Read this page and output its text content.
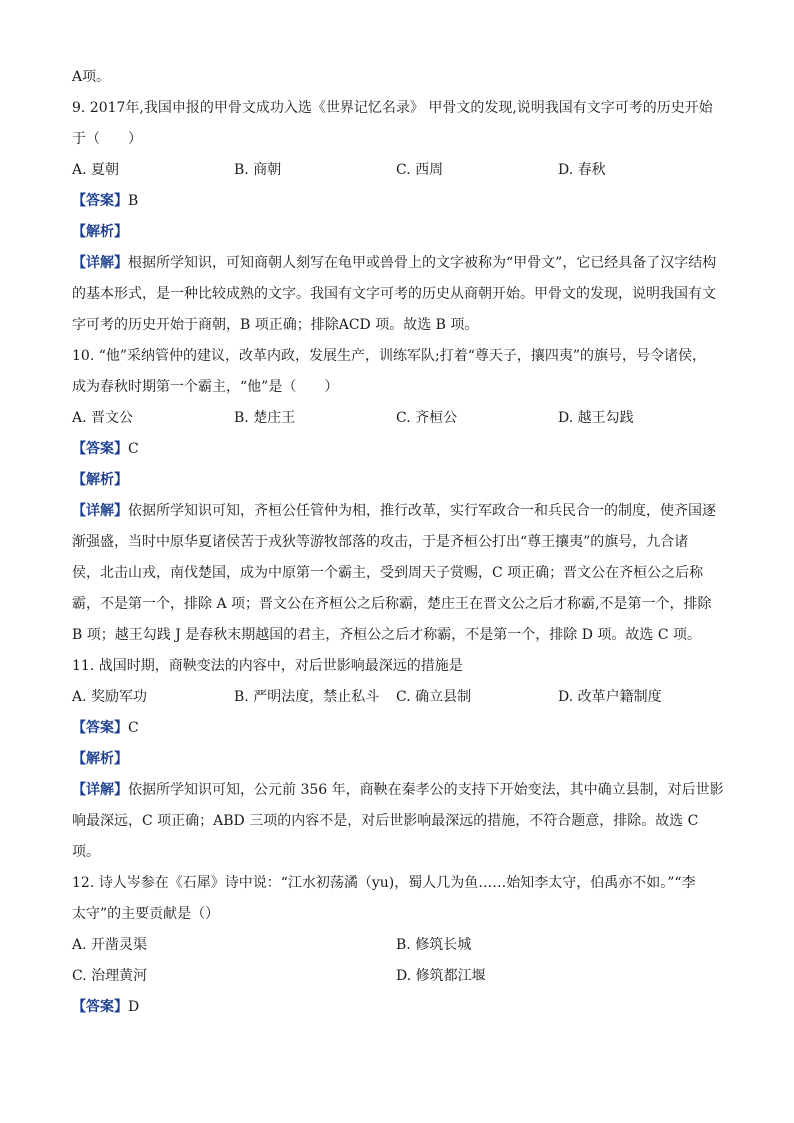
A项。
9. 2017年,我国申报的甲骨文成功入选《世界记忆名录》 甲骨文的发现,说明我国有文字可考的历史开始
于（　　）
A. 夏朝	B. 商朝	C. 西周	D. 春秋
【答案】B
【解析】
【详解】根据所学知识，可知商朝人刻写在龟甲或兽骨上的文字被称为“甲骨文”，它已经具备了汉字结构
的基本形式，是一种比较成熟的文字。我国有文字可考的历史从商朝开始。甲骨文的发现，说明我国有文
字可考的历史开始于商朝，B 项正确；排除ACD 项。故选 B 项。
10. “他”采纳管仲的建议，改革内政，发展生产，训练军队;打着“尊天子，攘四夷”的旗号，号令诸侯，
成为春秋时期第一个霸主，“他”是（　　）
A. 晋文公	B. 楚庄王	C. 齐桓公	D. 越王勾践
【答案】C
【解析】
【详解】依据所学知识可知，齐桓公任管仲为相，推行改革，实行军政合一和兵民合一的制度，使齐国逐
渐强盛，当时中原华夏诸侯苦于戎狄等游牧部落的攻击，于是齐桓公打出“尊王攘夷”的旗号，九合诸
侯，北击山戎，南伐楚国，成为中原第一个霸主，受到周天子赏赐，C 项正确；晋文公在齐桓公之后称
霸，不是第一个，排除 A 项；晋文公在齐桓公之后称霸，楚庄王在晋文公之后才称霸,不是第一个，排除
B 项；越王勾践 J 是春秋末期越国的君主，齐桓公之后才称霸，不是第一个，排除 D 项。故选 C 项。
11. 战国时期，商鞅变法的内容中，对后世影响最深远的措施是
A. 奖励军功	B. 严明法度，禁止私斗	C. 确立县制	D. 改革户籍制度
【答案】C
【解析】
【详解】依据所学知识可知，公元前 356 年，商鞅在秦孝公的支持下开始变法，其中确立县制，对后世影
响最深远，C 项正确；ABD 三项的内容不是，对后世影响最深远的措施，不符合题意，排除。故选 C
项。
12. 诗人岑参在《石犀》诗中说：“江水初荡潏（yu)，蜀人几为鱼……始知李太守，伯禹亦不如。”“李
太守”的主要贡献是（）
A. 开凿灵渠	B. 修筑长城
C. 治理黄河	D. 修筑都江堰
【答案】D
